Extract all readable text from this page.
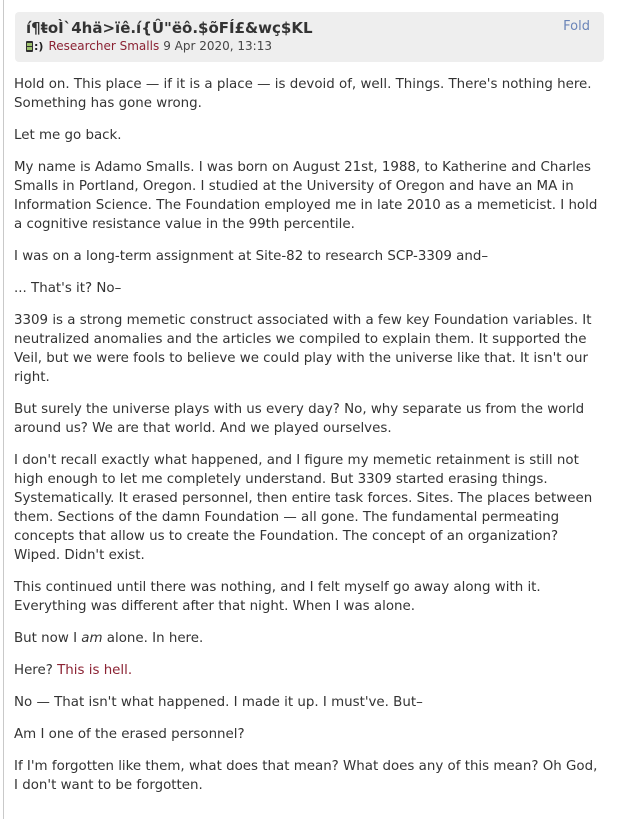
í¶ŧoÌ`4hä>ïê.í{Û"ëô.$õFÍ£&wç$KL	Fold
:) Researcher Smalls 9 Apr 2020, 13:13

Hold on. This place — if it is a place — is devoid of, well. Things. There's nothing here. Something has gone wrong.

Let me go back.

My name is Adamo Smalls. I was born on August 21st, 1988, to Katherine and Charles Smalls in Portland, Oregon. I studied at the University of Oregon and have an MA in Information Science. The Foundation employed me in late 2010 as a memeticist. I hold a cognitive resistance value in the 99th percentile.

I was on a long-term assignment at Site-82 to research SCP-3309 and–

... That's it? No–

3309 is a strong memetic construct associated with a few key Foundation variables. It neutralized anomalies and the articles we compiled to explain them. It supported the Veil, but we were fools to believe we could play with the universe like that. It isn't our right.

But surely the universe plays with us every day? No, why separate us from the world around us? We are that world. And we played ourselves.

I don't recall exactly what happened, and I figure my memetic retainment is still not high enough to let me completely understand. But 3309 started erasing things. Systematically. It erased personnel, then entire task forces. Sites. The places between them. Sections of the damn Foundation — all gone. The fundamental permeating concepts that allow us to create the Foundation. The concept of an organization? Wiped. Didn't exist.

This continued until there was nothing, and I felt myself go away along with it. Everything was different after that night. When I was alone.

But now I am alone. In here.

Here? This is hell.

No — That isn't what happened. I made it up. I must've. But–

Am I one of the erased personnel?

If I'm forgotten like them, what does that mean? What does any of this mean? Oh God, I don't want to be forgotten.
